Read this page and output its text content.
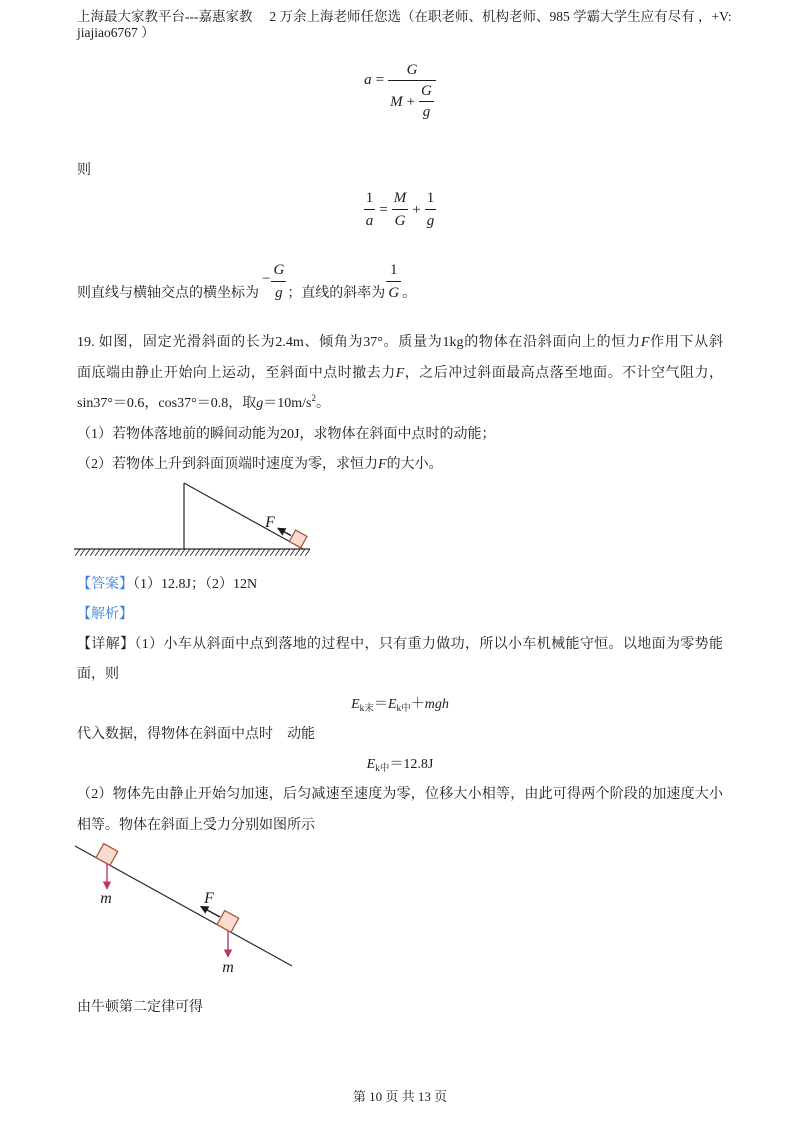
上海最大家教平台---嘉惠家教　 2 万余上海老师任您选（在职老师、机构老师、985 学霸大学生应有尽有 ，+V:
jiajiao6767 ）
$a = \frac{G}{M + \frac{G}{g}}$
则
$\frac{1}{a} = \frac{M}{G} + \frac{1}{g}$
则直线与横轴交点的横坐标为− $\frac{G}{g}$ ；直线的斜率为 $\frac{1}{G}$ 。
19. 如图，固定光滑斜面的长为2.4m、倾角为37°。质量为1kg的物体在沿斜面向上的恒力F作用下从斜
面底端由静止开始向上运动，至斜面中点时撤去力F，之后冲过斜面最高点落至地面。不计空气阻力，
sin37°＝0.6，cos37°＝0.8，取$g=10m/s^2$。
（1）若物体落地前的瞬间动能为20J，求物体在斜面中点时的动能；
（2）若物体上升到斜面顶端时速度为零，求恒力F的大小。
F
【答案】（1）12.8J；（2）12N
【解析】
【详解】（1）小车从斜面中点到落地的过程中，只有重力做功，所以小车机械能守恒。以地面为零势能
面，则
$E_{k末}=E_{k中}+mgh$
代入数据，得物体在斜面中点时　动能
$E_{k中}=12.8J$
（2）物体先由静止开始匀加速，后匀减速至速度为零，位移大小相等，由此可得两个阶段的加速度大小
相等。物体在斜面上受力分别如图所示
m	F
m
由牛顿第二定律可得
第 10 页 共 13 页
